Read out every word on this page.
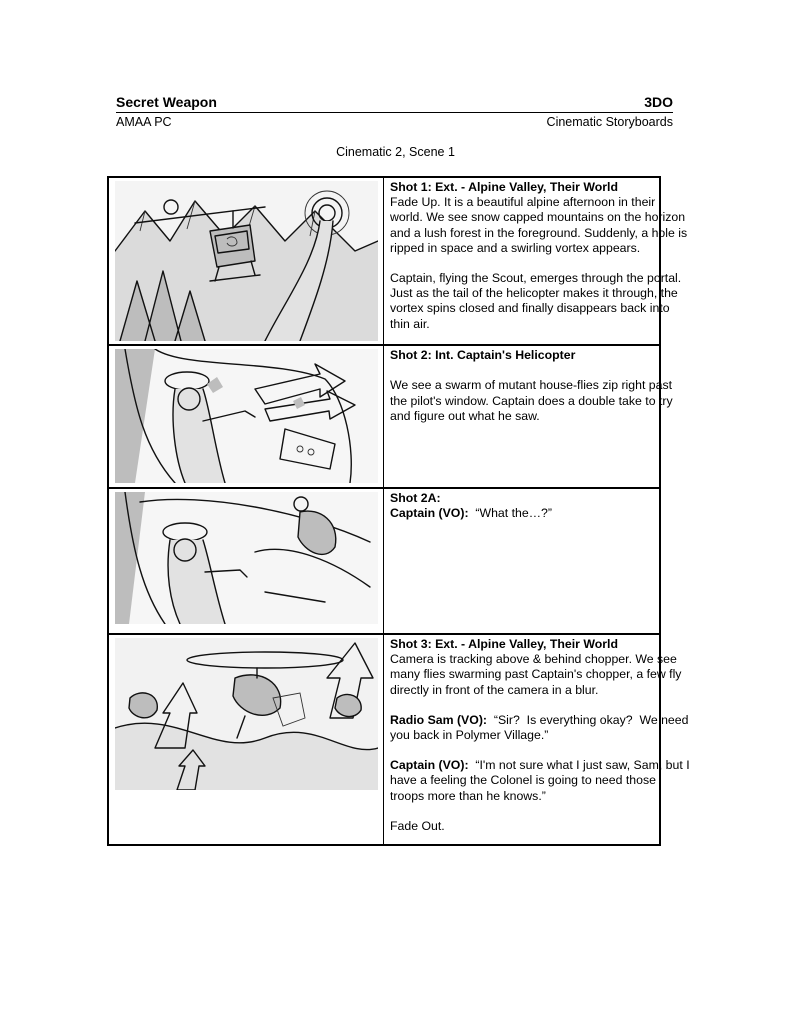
Secret Weapon	3DO
AMAA PC	Cinematic Storyboards
Cinematic 2, Scene 1
Shot 1: Ext. - Alpine Valley, Their World

Fade Up. It is a beautiful alpine afternoon in their world. We see snow capped mountains on the horizon and a lush forest in the foreground. Suddenly, a hole is ripped in space and a swirling vortex appears.

Captain, flying the Scout, emerges through the portal. Just as the tail of the helicopter makes it through, the vortex spins closed and finally disappears back into thin air.

Shot 2: Int. Captain's Helicopter

We see a swarm of mutant house-flies zip right past the pilot's window. Captain does a double take to try and figure out what he saw.

Shot 2A:

Captain (VO):  “What the…?”

Shot 3: Ext. - Alpine Valley, Their World

Camera is tracking above & behind chopper. We see many flies swarming past Captain's chopper, a few fly directly in front of the camera in a blur.

Radio Sam (VO):  “Sir?  Is everything okay?  We need you back in Polymer Village.”

Captain (VO):  “I'm not sure what I just saw, Sam, but I have a feeling the Colonel is going to need those troops more than he knows.”

Fade Out.
